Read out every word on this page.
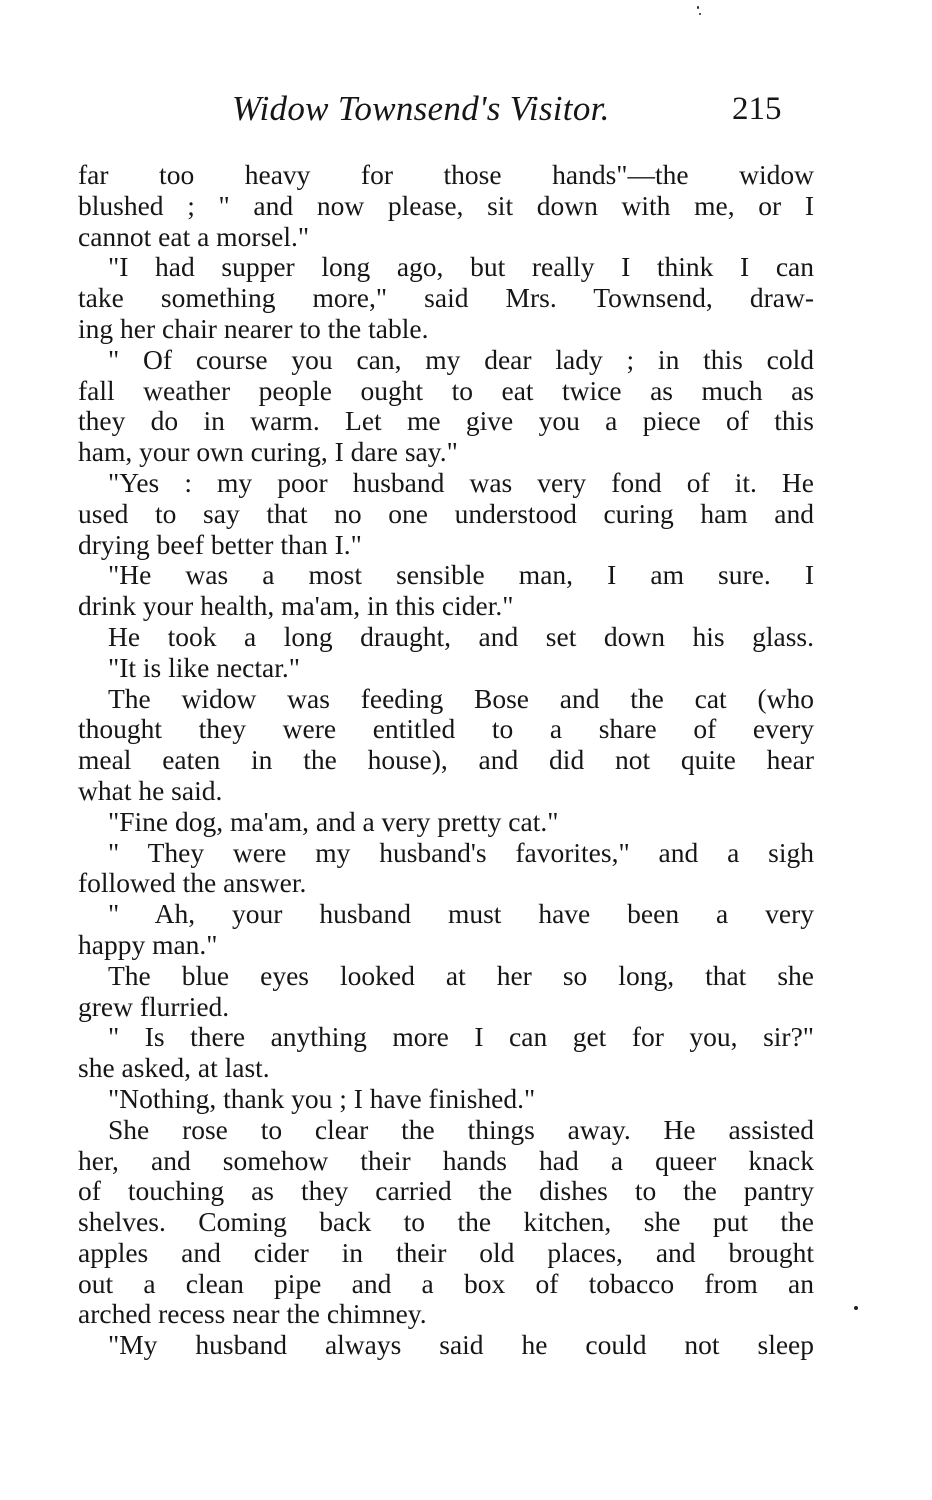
Widow Townsend's Visitor.	215
far too heavy for those hands"—the widow
blushed ; " and now please, sit down with me, or I
cannot eat a morsel."
"I had supper long ago, but really I think I can
take something more," said Mrs. Townsend, draw-
ing her chair nearer to the table.
" Of course you can, my dear lady ; in this cold
fall weather people ought to eat twice as much as
they do in warm. Let me give you a piece of this
ham, your own curing, I dare say."
"Yes : my poor husband was very fond of it. He
used to say that no one understood curing ham and
drying beef better than I."
"He was a most sensible man, I am sure. I
drink your health, ma'am, in this cider."
He took a long draught, and set down his glass.
"It is like nectar."
The widow was feeding Bose and the cat (who
thought they were entitled to a share of every
meal eaten in the house), and did not quite hear
what he said.
"Fine dog, ma'am, and a very pretty cat."
" They were my husband's favorites," and a sigh
followed the answer.
" Ah, your husband must have been a very
happy man."
The blue eyes looked at her so long, that she
grew flurried.
" Is there anything more I can get for you, sir?"
she asked, at last.
"Nothing, thank you ; I have finished."
She rose to clear the things away. He assisted
her, and somehow their hands had a queer knack
of touching as they carried the dishes to the pantry
shelves. Coming back to the kitchen, she put the
apples and cider in their old places, and brought
out a clean pipe and a box of tobacco from an
arched recess near the chimney.
"My husband always said he could not sleep
